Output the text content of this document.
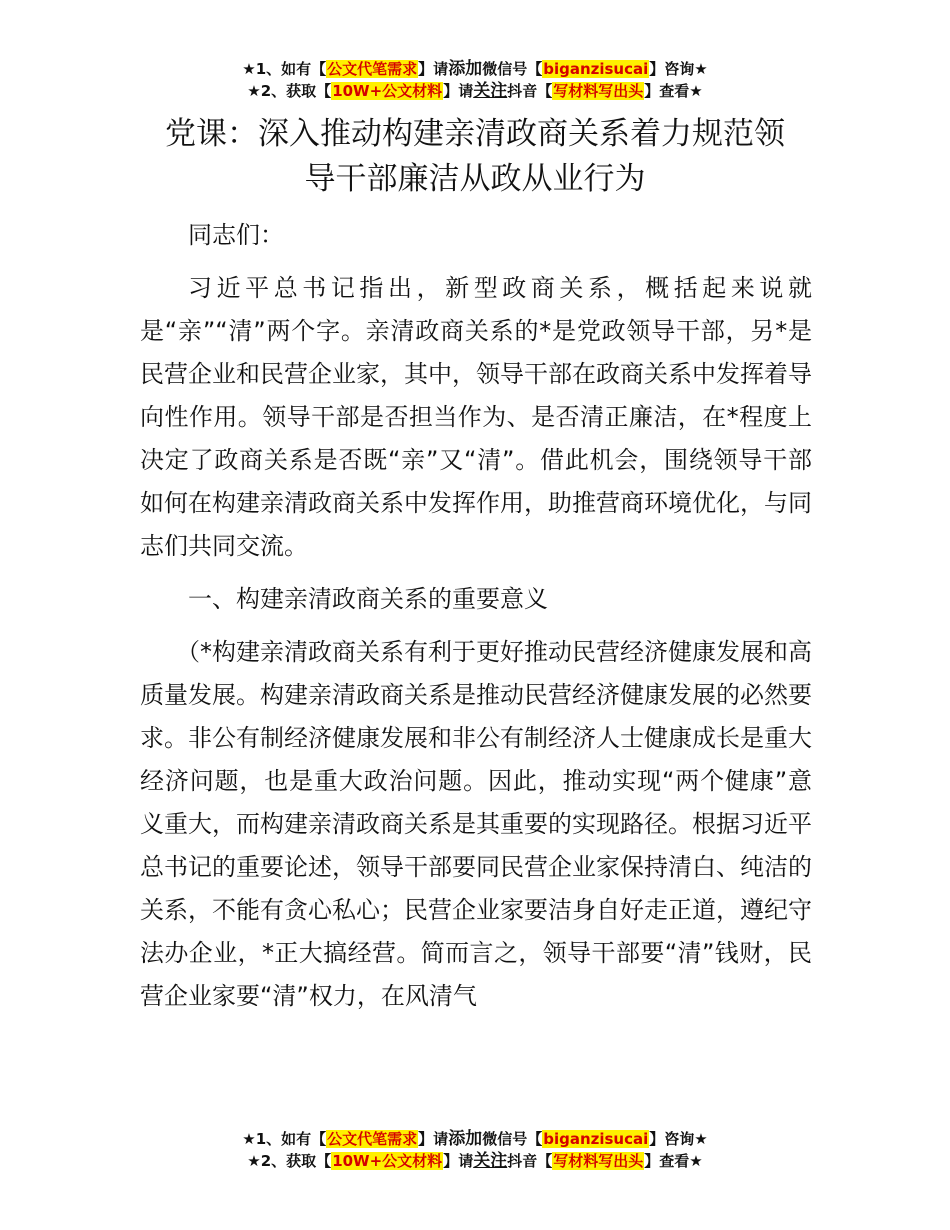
★1、如有【公文代笔需求】请添加微信号【biganzisucai】咨询★
★2、获取【10W+公文材料】请关注抖音【写材料写出头】查看★
党课：深入推动构建亲清政商关系着力规范领
导干部廉洁从政从业行为

同志们：

习近平总书记指出，新型政商关系，概括起来说就是“亲”“清”两个字。亲清政商关系的*是党政领导干部，另*是民营企业和民营企业家，其中，领导干部在政商关系中发挥着导向性作用。领导干部是否担当作为、是否清正廉洁，在*程度上决定了政商关系是否既“亲”又“清”。借此机会，围绕领导干部如何在构建亲清政商关系中发挥作用，助推营商环境优化，与同志们共同交流。

一、构建亲清政商关系的重要意义

（*构建亲清政商关系有利于更好推动民营经济健康发展和高质量发展。构建亲清政商关系是推动民营经济健康发展的必然要求。非公有制经济健康发展和非公有制经济人士健康成长是重大经济问题，也是重大政治问题。因此，推动实现“两个健康”意义重大，而构建亲清政商关系是其重要的实现路径。根据习近平总书记的重要论述，领导干部要同民营企业家保持清白、纯洁的关系，不能有贪心私心；民营企业家要洁身自好走正道，遵纪守法办企业，*正大搞经营。简而言之，领导干部要“清”钱财，民营企业家要“清”权力，在风清气

★1、如有【公文代笔需求】请添加微信号【biganzisucai】咨询★
★2、获取【10W+公文材料】请关注抖音【写材料写出头】查看★
